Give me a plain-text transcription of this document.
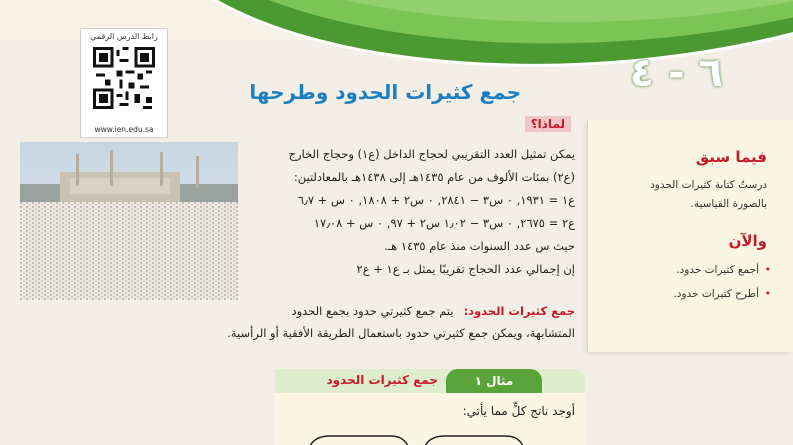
٦ - ٤
رابط الدرس الرقمي
www.ien.edu.sa
جمع كثيرات الحدود وطرحها
لماذا؟

يمكن تمثيل العدد التقريبي لحجاج الداخل (ع١) وحجاج الخارج

(ع٢) بمئات الألوف من عام ١٤٣٥هـ إلى ١٤٣٨هـ بالمعادلتين:

ع١ = ١٩٣١, ٠ س٣ − ٢٨٤١, ٠ س٢ + ١٨٠٨, ٠ س + ٦٫٧

ع٢ = ٢٦٧٥, ٠ س٣ − ١٫٠٢ س٢ + ٩٧, ٠ س + ١٧٫٠٨

حيث س عدد السنوات منذ عام ١٤٣٥ هـ.

إن إجمالي عدد الحجاج تقريبًا يمثل بـ ع١ + ع٢

فيما سبق
درستُ كتابة كثيرات الحدود بالصورة القياسية.
والآن
• أجمع كثيرات حدود.
• أطرح كثيرات حدود.
جمع كثيرات الحدود:يتم جمع كثيرتي حدود بجمع الحدود
المتشابهة، ويمكن جمع كثيرتي حدود باستعمال الطريقة الأفقية أو الرأسية.
مثال ١
جمع كثيرات الحدود
أوجد ناتج كلٍّ مما يأتي:
